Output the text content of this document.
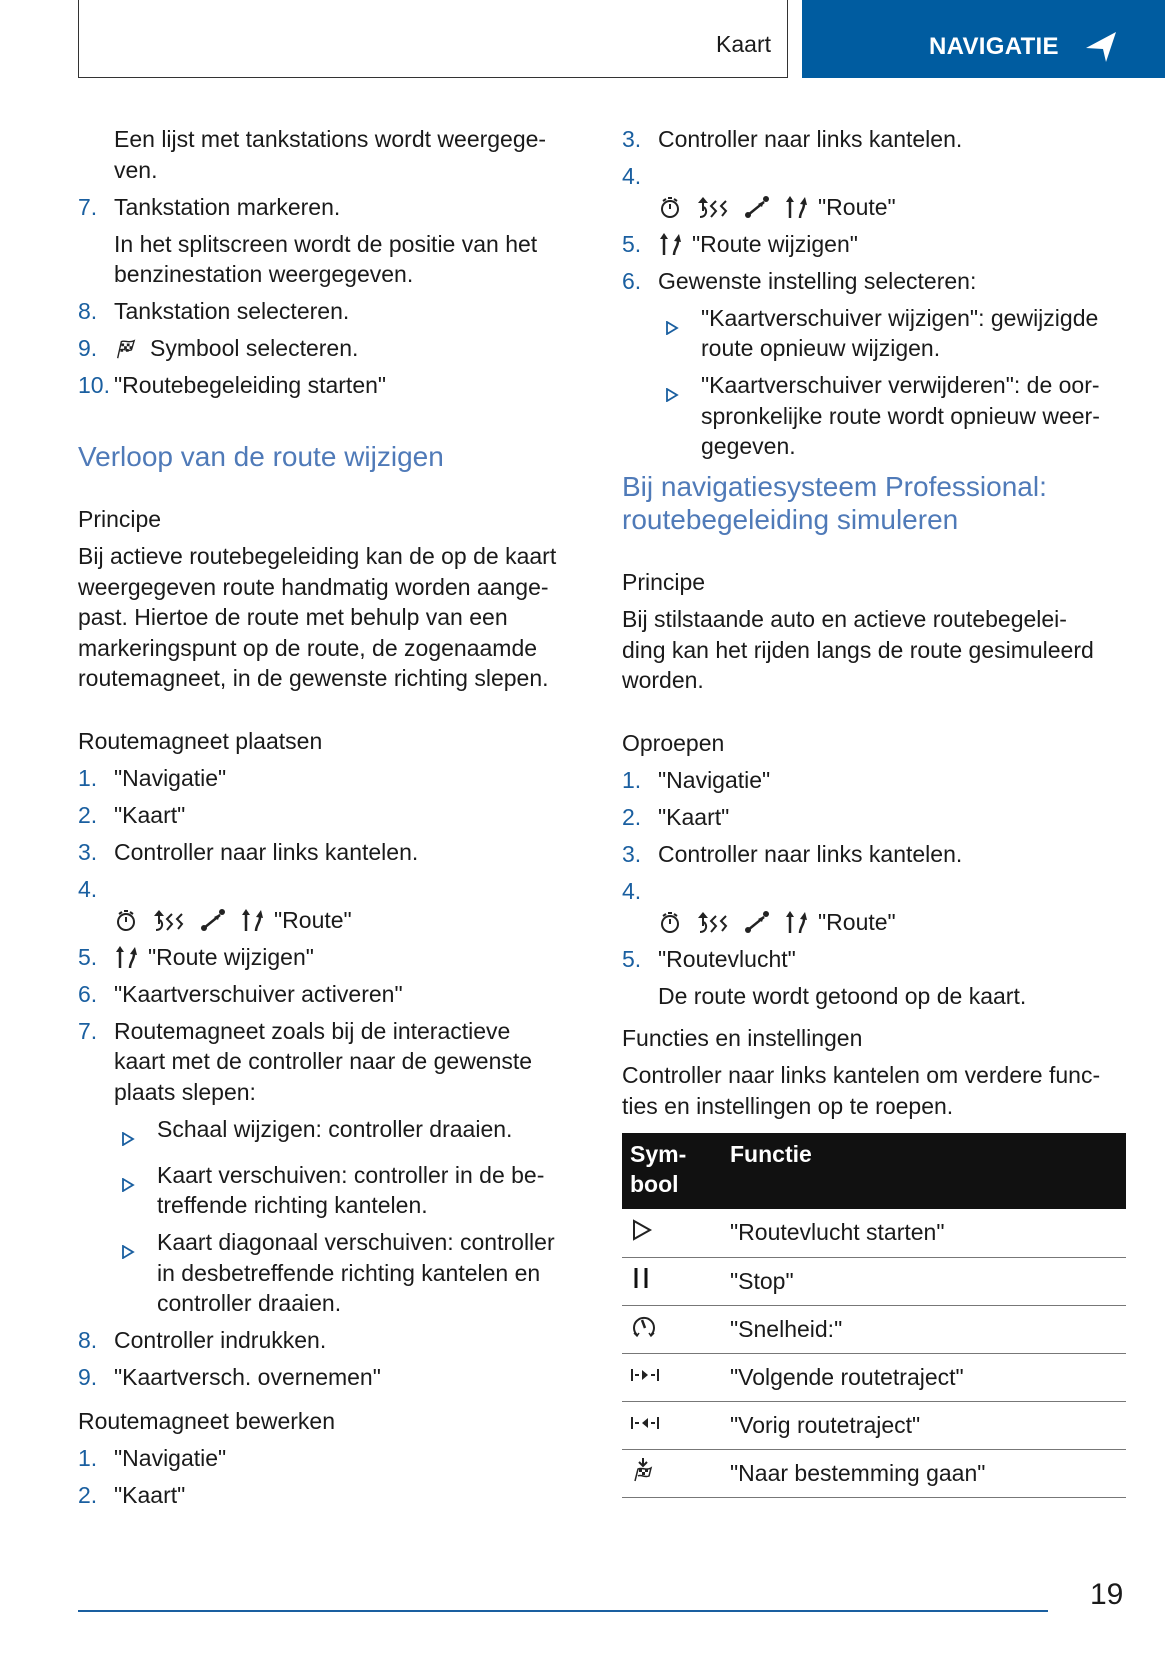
Kaart	NAVIGATIE
Een lijst met tankstations wordt weergege-
ven.
7. Tankstation markeren.
In het splitscreen wordt de positie van het
benzinestation weergegeven.
8. Tankstation selecteren.
9.	Symbool selecteren.
10. "Routebegeleiding starten"
Verloop van de route wijzigen
Principe
Bij actieve routebegeleiding kan de op de kaart
weergegeven route handmatig worden aange-
past. Hiertoe de route met behulp van een
markeringspunt op de route, de zogenaamde
routemagneet, in de gewenste richting slepen.
Routemagneet plaatsen
1. "Navigatie"
2. "Kaart"
3. Controller naar links kantelen.
4.

"Route"
5.	"Route wijzigen"
6. "Kaartverschuiver activeren"
7. Routemagneet zoals bij de interactieve
kaart met de controller naar de gewenste
plaats slepen:
Schaal wijzigen: controller draaien.
Kaart verschuiven: controller in de be-
treffende richting kantelen.
Kaart diagonaal verschuiven: controller
in desbetreffende richting kantelen en
controller draaien.
8. Controller indrukken.
9. "Kaartversch. overnemen"
Routemagneet bewerken
1. "Navigatie"
2. "Kaart"
3. Controller naar links kantelen.
4.

"Route"
5.	"Route wijzigen"
6. Gewenste instelling selecteren:
"Kaartverschuiver wijzigen": gewijzigde
route opnieuw wijzigen.
"Kaartverschuiver verwijderen": de oor-
spronkelijke route wordt opnieuw weer-
gegeven.
Bij navigatiesysteem Professional:
routebegeleiding simuleren
Principe
Bij stilstaande auto en actieve routebegelei-
ding kan het rijden langs de route gesimuleerd
worden.
Oproepen
1. "Navigatie"
2. "Kaart"
3. Controller naar links kantelen.
4.

"Route"
5. "Routevlucht"
De route wordt getoond op de kaart.
Functies en instellingen
Controller naar links kantelen om verdere func-
ties en instellingen op te roepen.
Sym-
bool	Functie
	"Routevlucht starten"
	"Stop"
	"Snelheid:"
	"Volgende routetraject"
	"Vorig routetraject"
	"Naar bestemming gaan"
19
